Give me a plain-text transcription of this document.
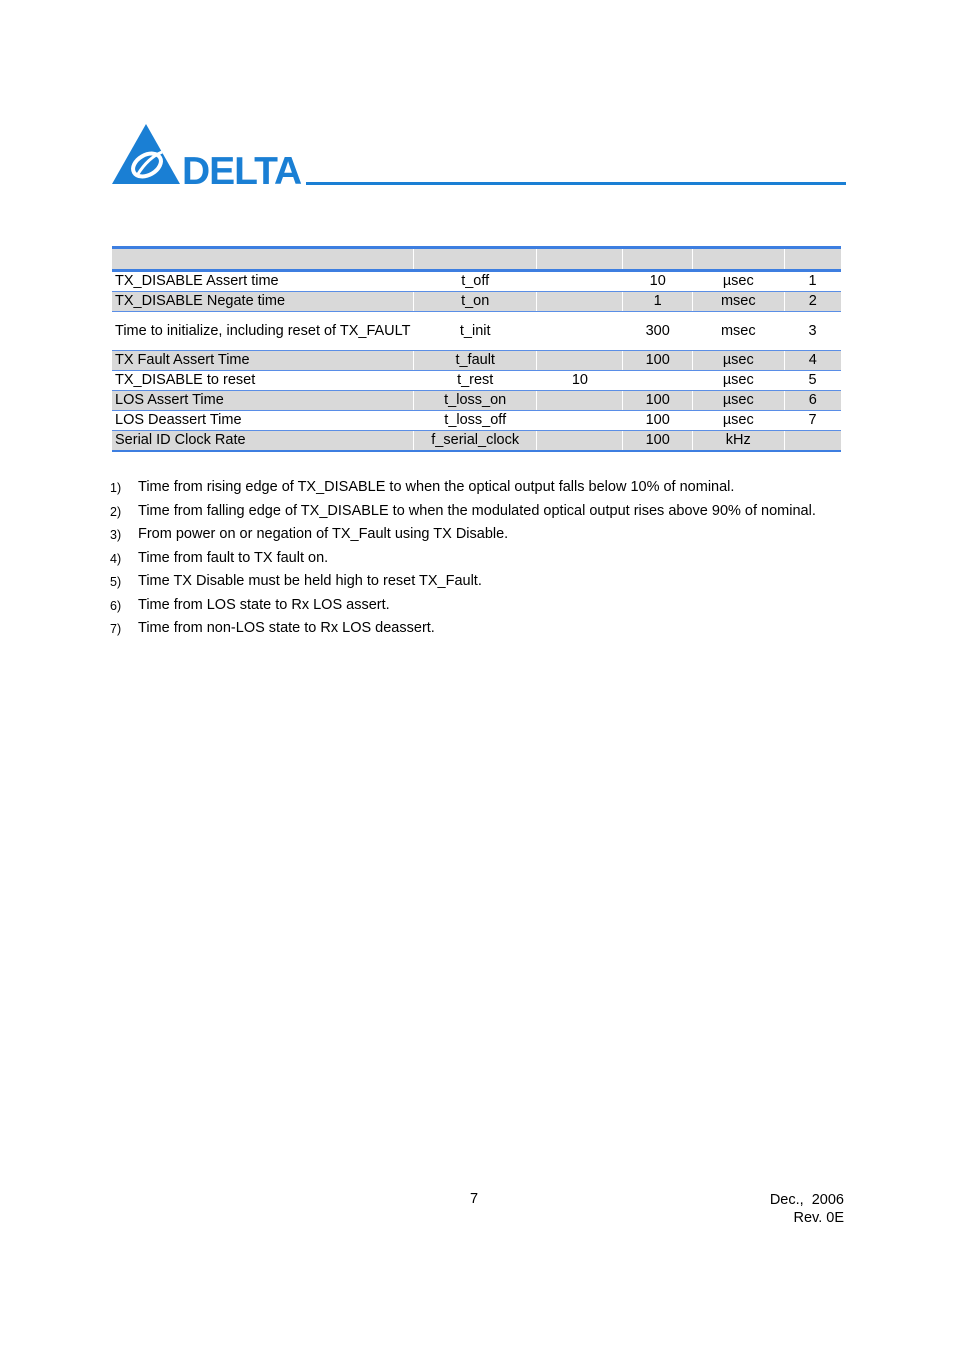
DELTA

TX_DISABLE Assert time	t_off		10	µsec	1
TX_DISABLE Negate time	t_on		1	msec	2
Time to initialize, including reset of TX_FAULT	t_init		300	msec	3
TX Fault Assert Time	t_fault		100	µsec	4
TX_DISABLE to reset	t_rest	10		µsec	5
LOS Assert Time	t_loss_on		100	µsec	6
LOS Deassert Time	t_loss_off		100	µsec	7
Serial ID Clock Rate	f_serial_clock		100	kHz	
1) Time from rising edge of TX_DISABLE to when the optical output falls below 10% of nominal.
2) Time from falling edge of TX_DISABLE to when the modulated optical output rises above 90% of nominal.
3) From power on or negation of TX_Fault using TX Disable.
4) Time from fault to TX fault on.
5) Time TX Disable must be held high to reset TX_Fault.
6) Time from LOS state to Rx LOS assert.
7) Time from non-LOS state to Rx LOS deassert.
7	Dec.,  2006
Rev. 0E
